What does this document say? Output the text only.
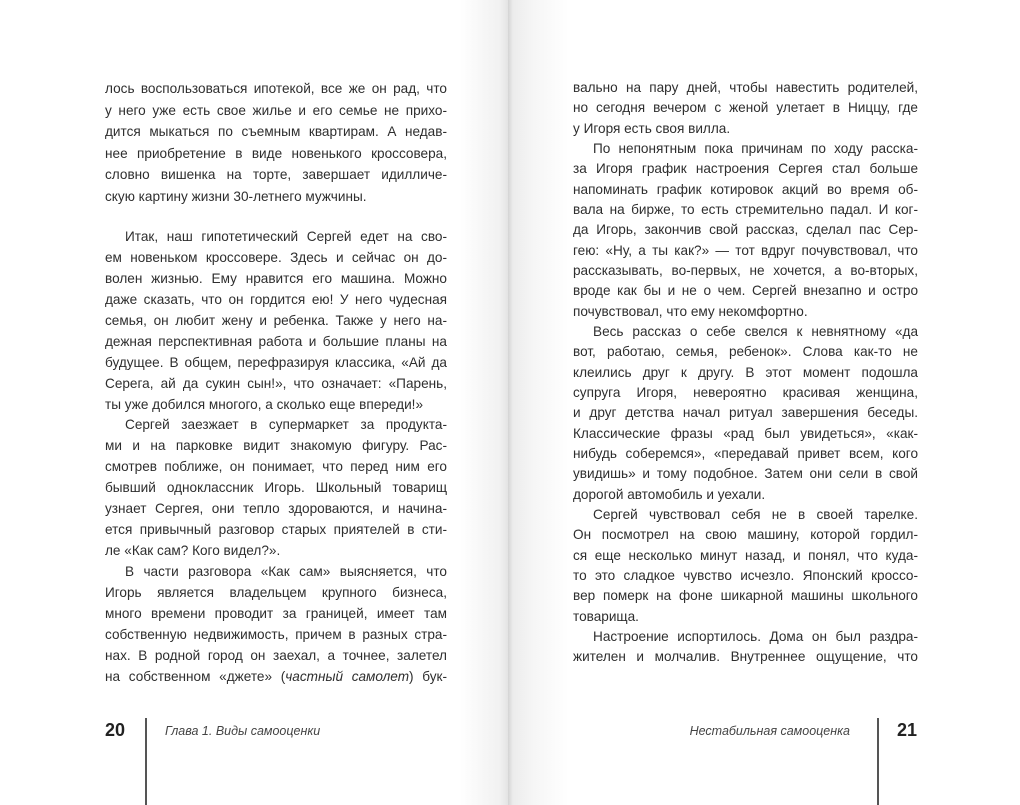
лось воспользоваться ипотекой, все же он рад, что
у него уже есть свое жилье и его семье не прихо-
дится мыкаться по съемным квартирам. А недав-
нее приобретение в виде новенького кроссовера,
словно вишенка на торте, завершает идилличе-
скую картину жизни 30-летнего мужчины.
Итак, наш гипотетический Сергей едет на сво-
ем новеньком кроссовере. Здесь и сейчас он до-
волен жизнью. Ему нравится его машина. Можно
даже сказать, что он гордится ею! У него чудесная
семья, он любит жену и ребенка. Также у него на-
дежная перспективная работа и большие планы на
будущее. В общем, перефразируя классика, «Ай да
Серега, ай да сукин сын!», что означает: «Парень,
ты уже добился многого, а сколько еще впереди!»
Сергей заезжает в супермаркет за продукта-
ми и на парковке видит знакомую фигуру. Рас-
смотрев поближе, он понимает, что перед ним его
бывший одноклассник Игорь. Школьный товарищ
узнает Сергея, они тепло здороваются, и начина-
ется привычный разговор старых приятелей в сти-
ле «Как сам? Кого видел?».
В части разговора «Как сам» выясняется, что
Игорь является владельцем крупного бизнеса,
много времени проводит за границей, имеет там
собственную недвижимость, причем в разных стра-
нах. В родной город он заехал, а точнее, залетел
на собственном «джете» (частный самолет) бук-
20	Глава 1. Виды самооценки
вально на пару дней, чтобы навестить родителей,
но сегодня вечером с женой улетает в Ниццу, где
у Игоря есть своя вилла.
По непонятным пока причинам по ходу расска-
за Игоря график настроения Сергея стал больше
напоминать график котировок акций во время об-
вала на бирже, то есть стремительно падал. И ког-
да Игорь, закончив свой рассказ, сделал пас Сер-
гею: «Ну, а ты как?» — тот вдруг почувствовал, что
рассказывать, во-первых, не хочется, а во-вторых,
вроде как бы и не о чем. Сергей внезапно и остро
почувствовал, что ему некомфортно.
Весь рассказ о себе свелся к невнятному «да
вот, работаю, семья, ребенок». Слова как-то не
клеились друг к другу. В этот момент подошла
супруга Игоря, невероятно красивая женщина,
и друг детства начал ритуал завершения беседы.
Классические фразы «рад был увидеться», «как-
нибудь соберемся», «передавай привет всем, кого
увидишь» и тому подобное. Затем они сели в свой
дорогой автомобиль и уехали.
Сергей чувствовал себя не в своей тарелке.
Он посмотрел на свою машину, которой гордил-
ся еще несколько минут назад, и понял, что куда-
то это сладкое чувство исчезло. Японский кроссо-
вер померк на фоне шикарной машины школьного
товарища.
Настроение испортилось. Дома он был раздра-
жителен и молчалив. Внутреннее ощущение, что
Нестабильная самооценка	21
